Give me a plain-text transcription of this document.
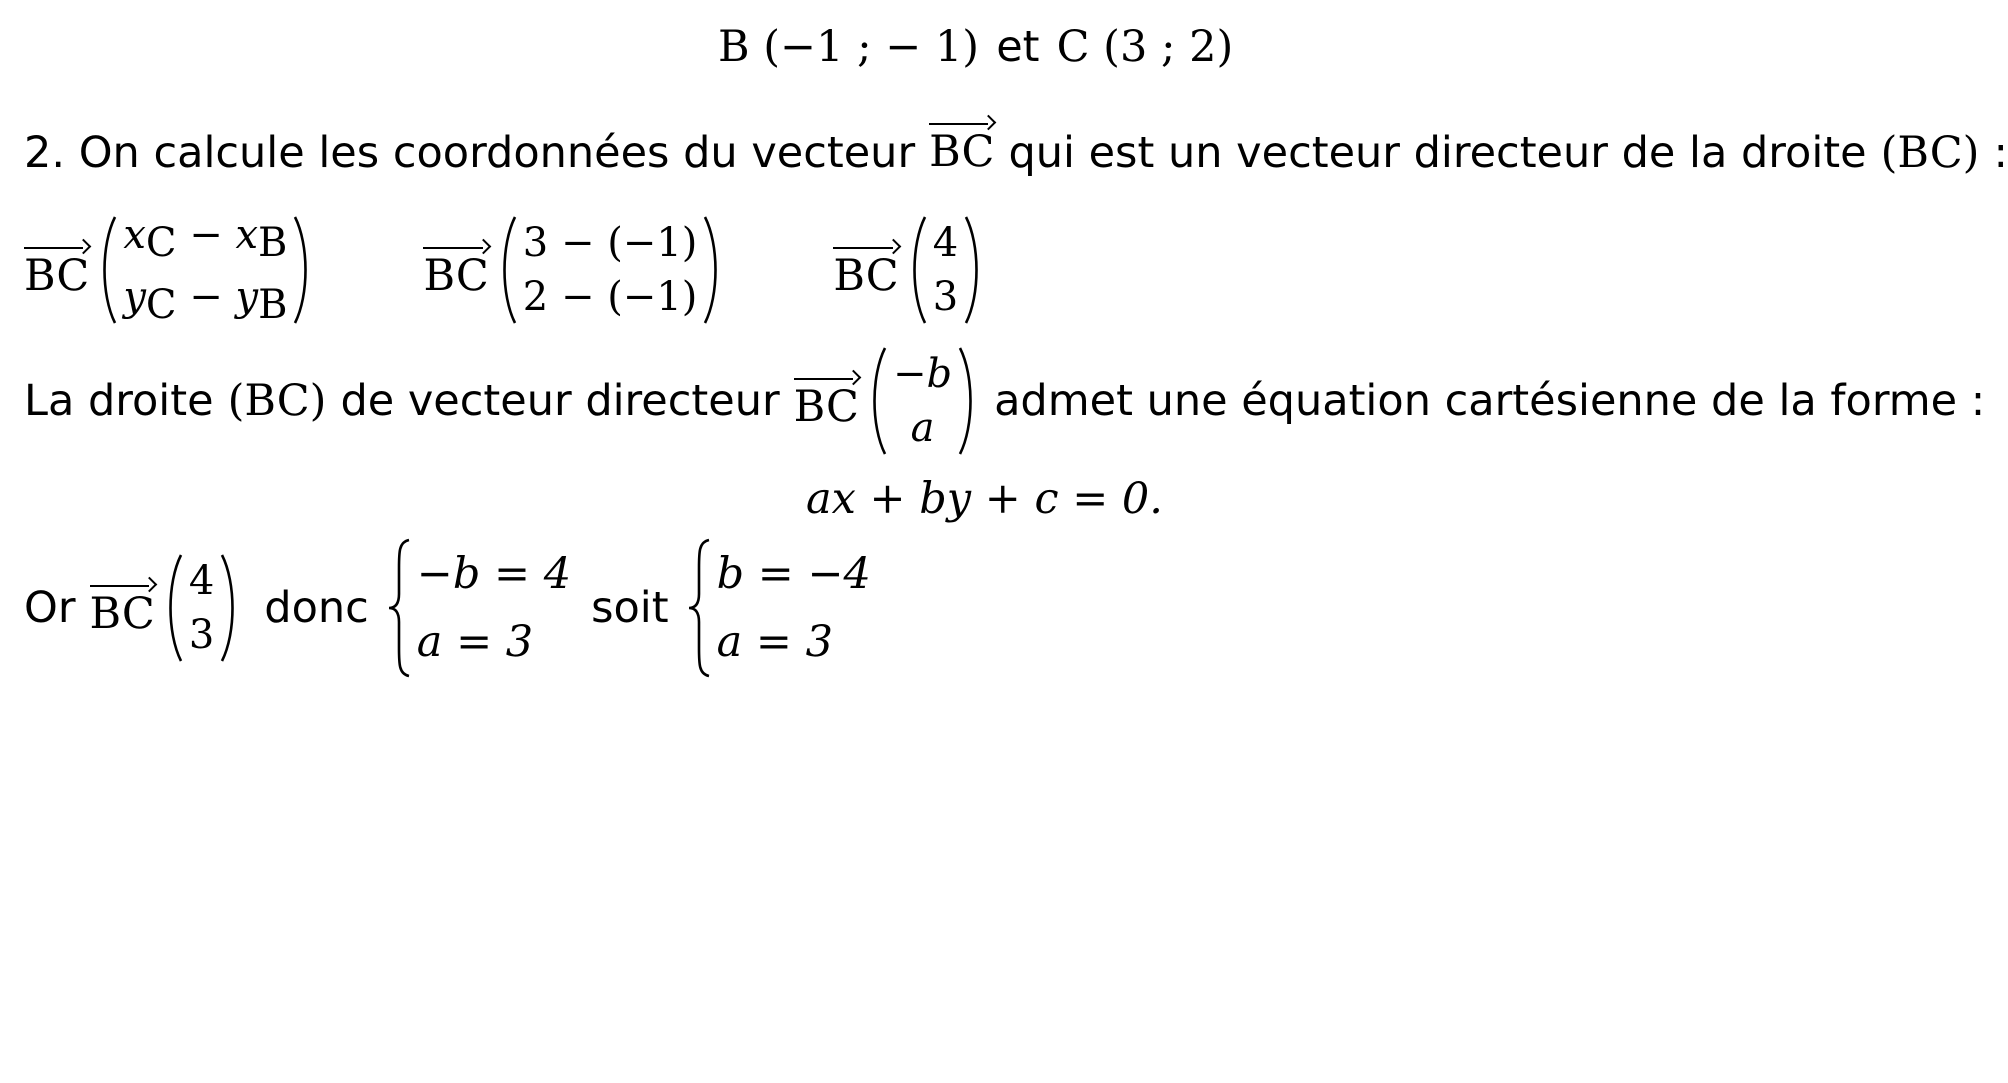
B (−1 ; − 1) et C (3 ; 2)
2. On calcule les coordonnées du vecteur BC qui est un vecteur directeur de la droite (BC) :
BC
xC − xB
yC − yB
BC
3 − (−1)
2 − (−1)	BC
4
3
La droite (BC) de vecteur directeur BC
−b
a
admet une équation cartésienne de la forme :
ax + by + c = 0.
Or BC
4
3
donc
−b = 4
a = 3
soit
b = −4
a = 3
